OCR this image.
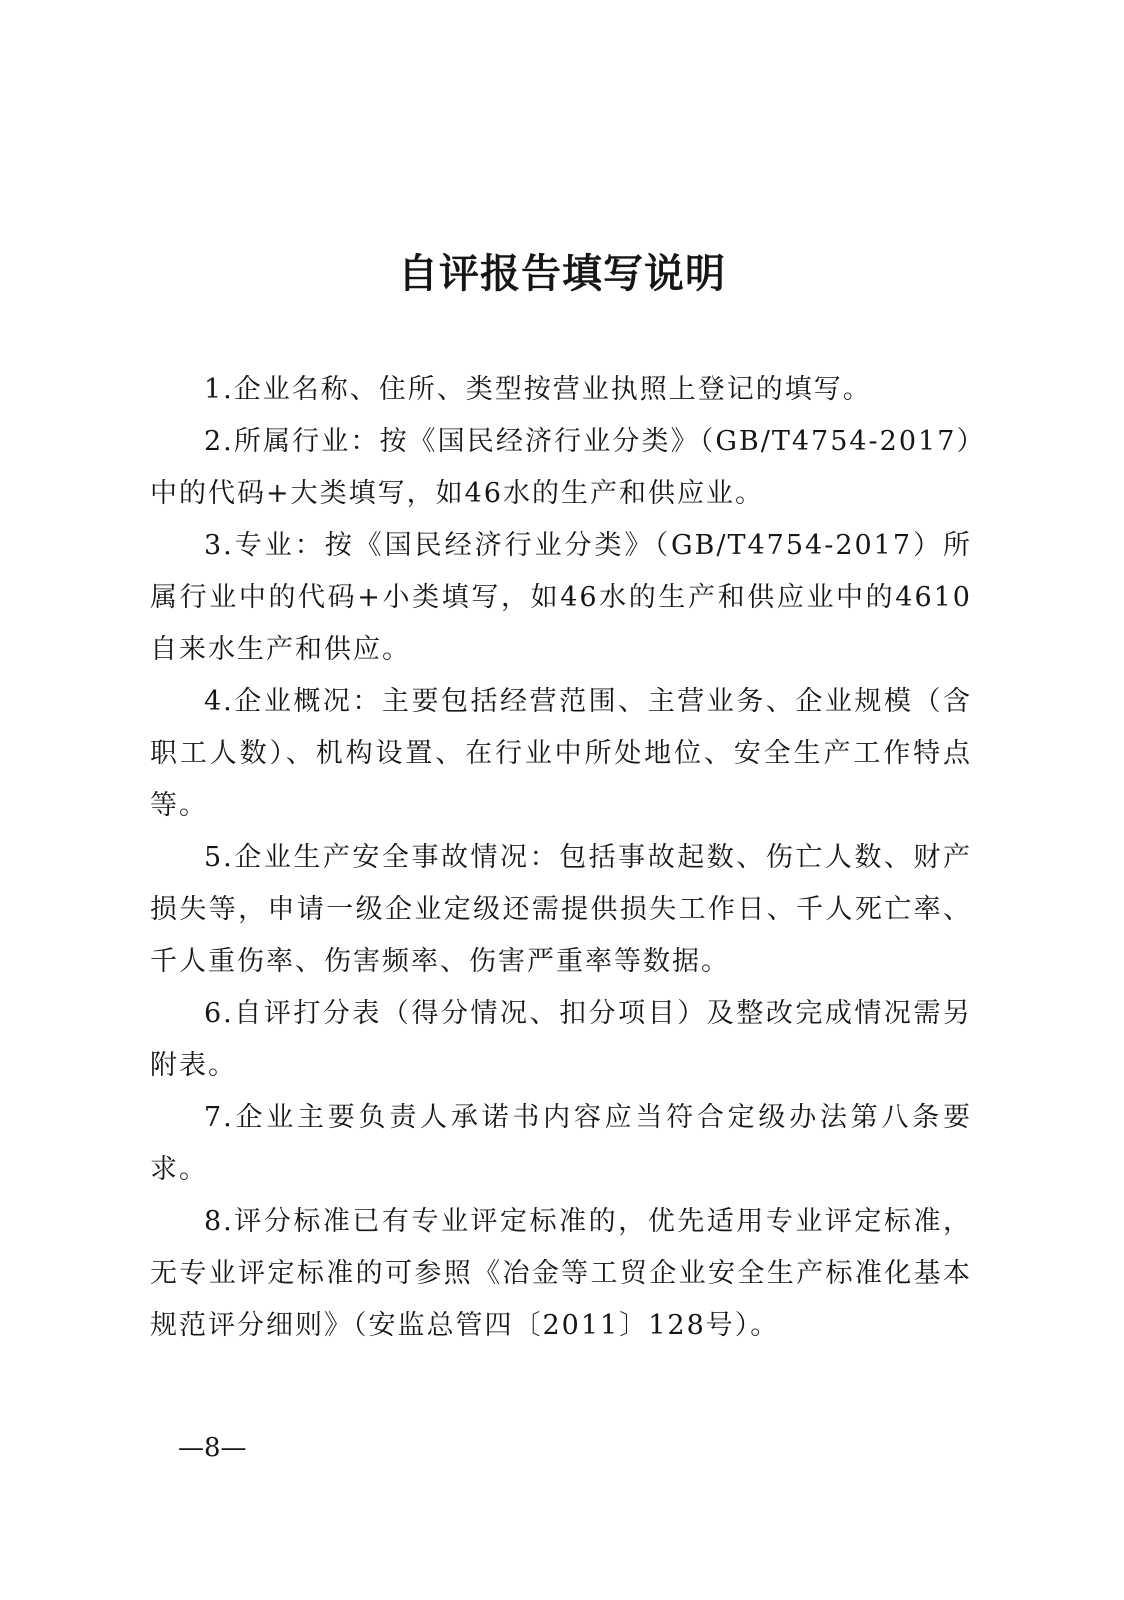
自评报告填写说明

1.企业名称、住所、类型按营业执照上登记的填写。

2.所属行业：按《国民经济行业分类》（GB/T4754-2017）中的代码+大类填写，如46水的生产和供应业。

3.专业：按《国民经济行业分类》（GB/T4754-2017）所属行业中的代码+小类填写，如46水的生产和供应业中的4610自来水生产和供应。

4.企业概况：主要包括经营范围、主营业务、企业规模（含职工人数）、机构设置、在行业中所处地位、安全生产工作特点等。

5.企业生产安全事故情况：包括事故起数、伤亡人数、财产损失等，申请一级企业定级还需提供损失工作日、千人死亡率、千人重伤率、伤害频率、伤害严重率等数据。

6.自评打分表（得分情况、扣分项目）及整改完成情况需另附表。

7.企业主要负责人承诺书内容应当符合定级办法第八条要求。

8.评分标准已有专业评定标准的，优先适用专业评定标准，无专业评定标准的可参照《冶金等工贸企业安全生产标准化基本规范评分细则》（安监总管四〔2011〕128号）。

—8—
